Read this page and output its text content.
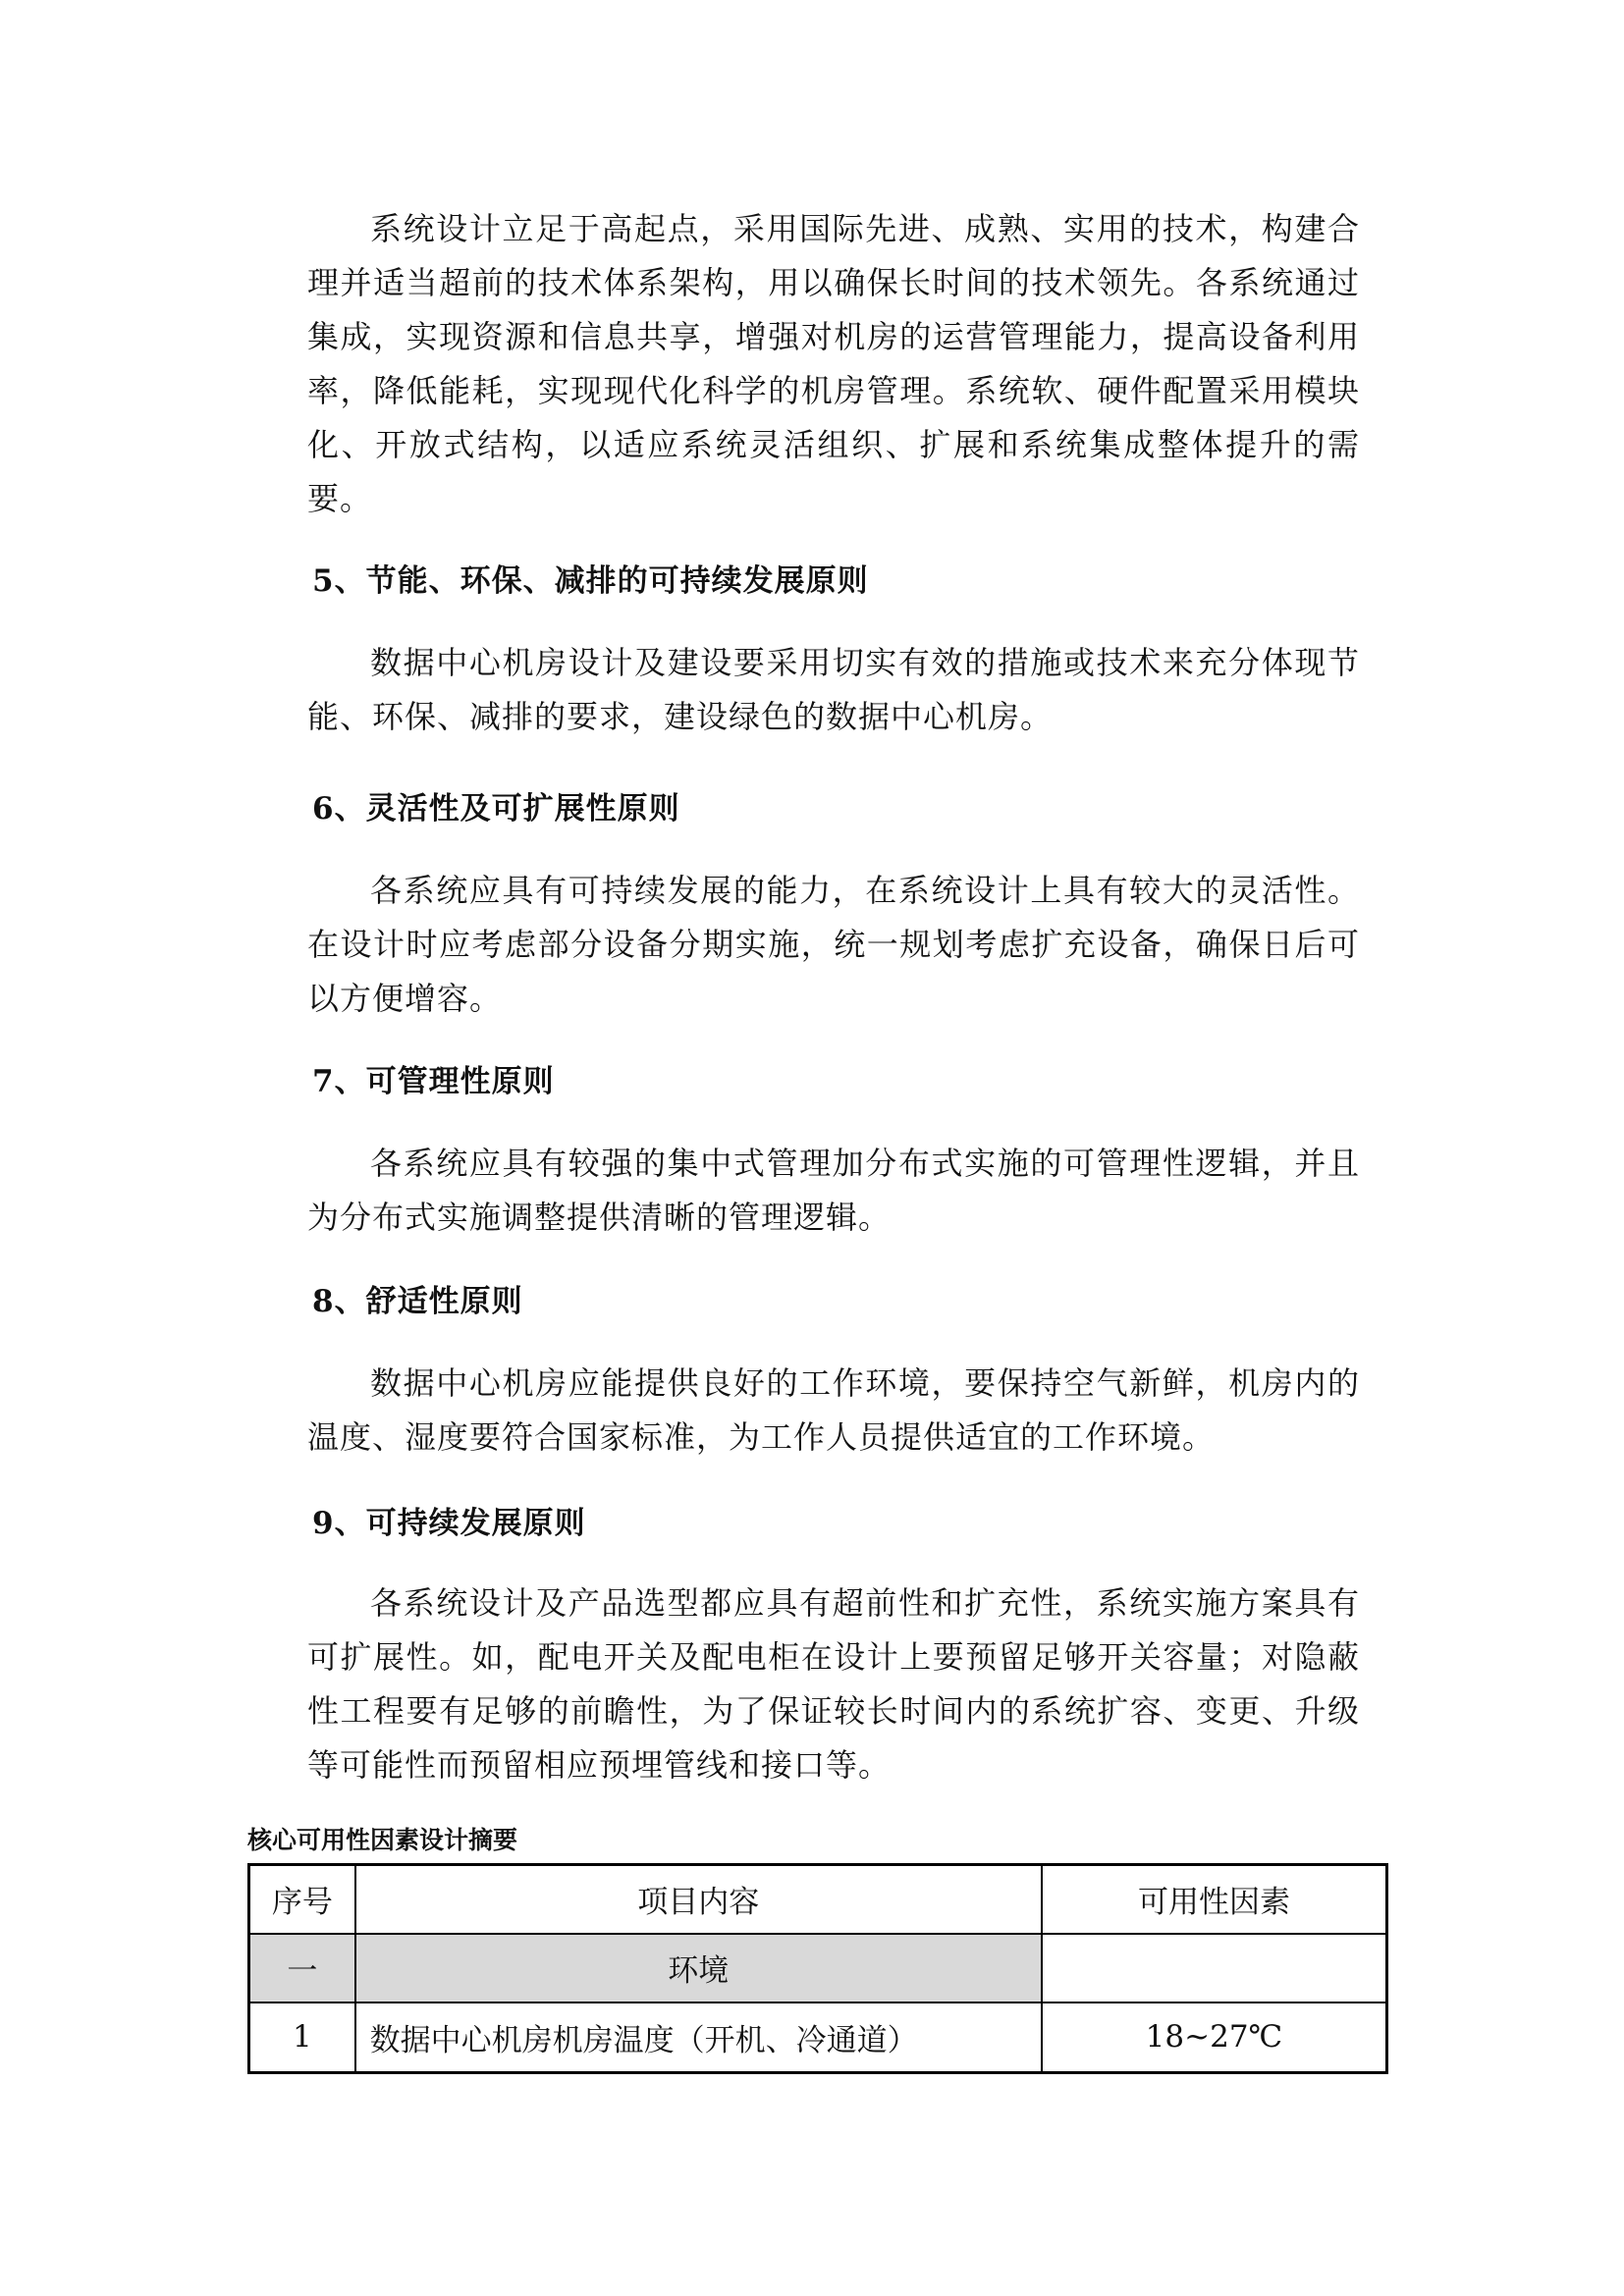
系统设计立足于高起点，采用国际先进、成熟、实用的技术，构建合理并适当超前的技术体系架构，用以确保长时间的技术领先。各系统通过集成，实现资源和信息共享，增强对机房的运营管理能力，提高设备利用率，降低能耗，实现现代化科学的机房管理。系统软、硬件配置采用模块化、开放式结构，以适应系统灵活组织、扩展和系统集成整体提升的需要。

5、节能、环保、减排的可持续发展原则

数据中心机房设计及建设要采用切实有效的措施或技术来充分体现节能、环保、减排的要求，建设绿色的数据中心机房。

6、灵活性及可扩展性原则

各系统应具有可持续发展的能力，在系统设计上具有较大的灵活性。在设计时应考虑部分设备分期实施，统一规划考虑扩充设备，确保日后可以方便增容。

7、可管理性原则

各系统应具有较强的集中式管理加分布式实施的可管理性逻辑，并且为分布式实施调整提供清晰的管理逻辑。

8、舒适性原则

数据中心机房应能提供良好的工作环境，要保持空气新鲜，机房内的温度、湿度要符合国家标准，为工作人员提供适宜的工作环境。

9、可持续发展原则

各系统设计及产品选型都应具有超前性和扩充性，系统实施方案具有可扩展性。如，配电开关及配电柜在设计上要预留足够开关容量；对隐蔽性工程要有足够的前瞻性，为了保证较长时间内的系统扩容、变更、升级等可能性而预留相应预埋管线和接口等。

核心可用性因素设计摘要
序号	项目内容	可用性因素
一	环境	
1	数据中心机房机房温度（开机、冷通道）	18~27℃
